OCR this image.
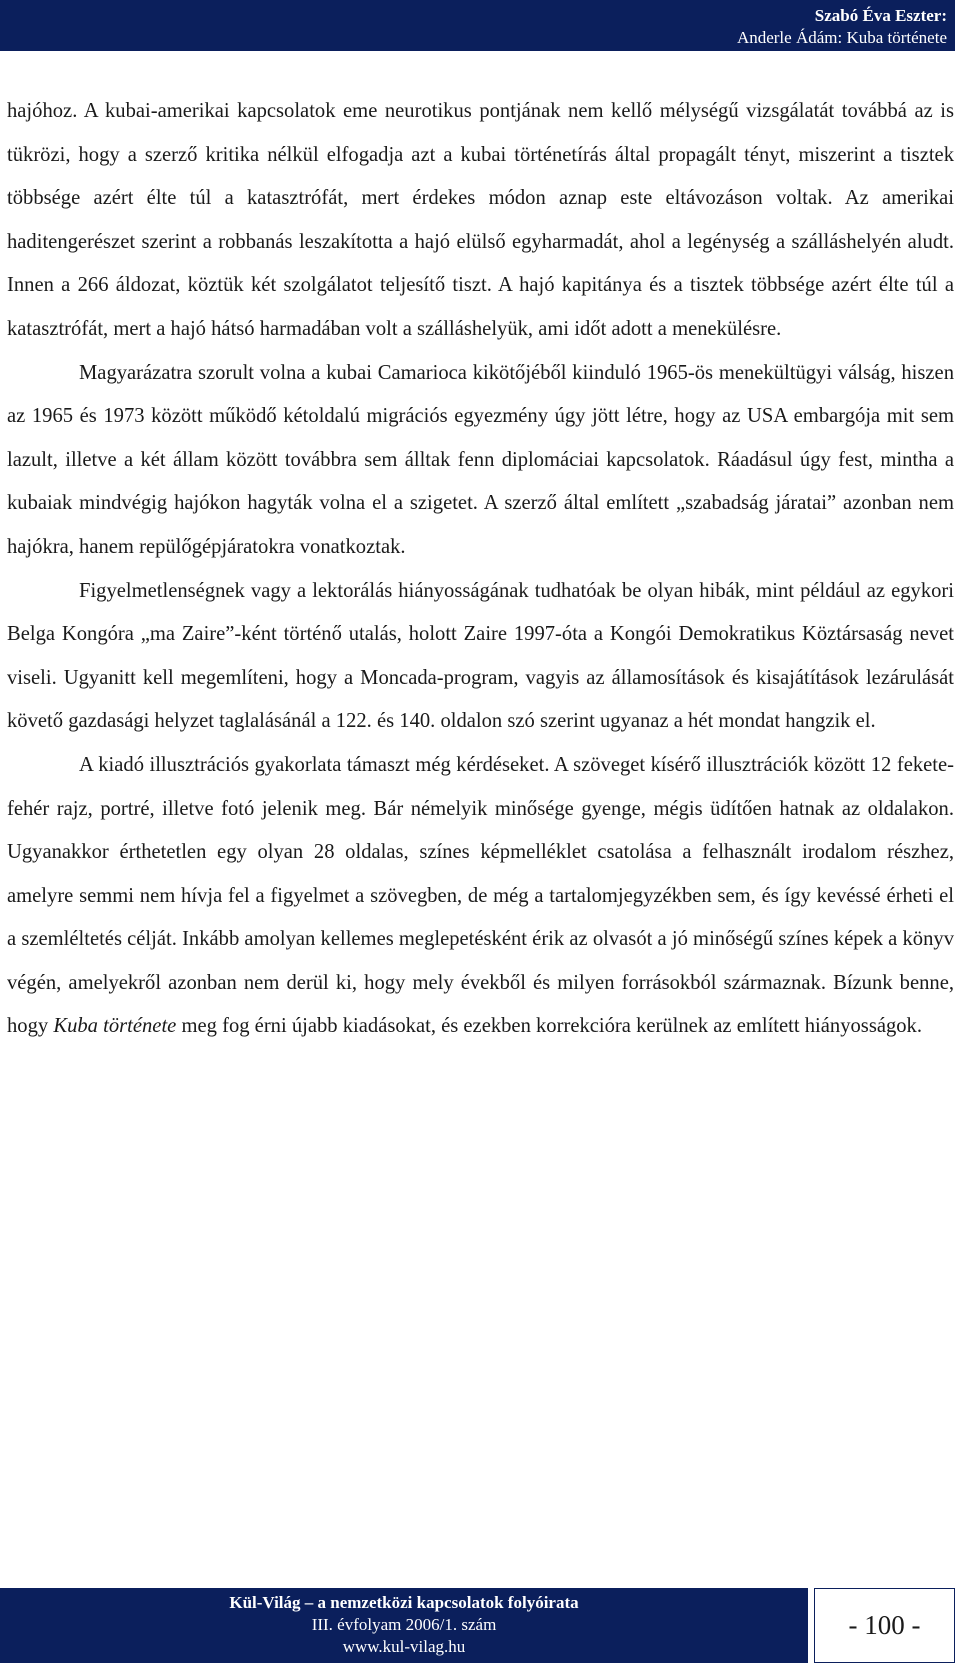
Szabó Éva Eszter:
Anderle Ádám: Kuba története

hajóhoz. A kubai-amerikai kapcsolatok eme neurotikus pontjának nem kellő mélységű vizsgálatát továbbá az is tükrözi, hogy a szerző kritika nélkül elfogadja azt a kubai történetírás által propagált tényt, miszerint a tisztek többsége azért élte túl a katasztrófát, mert érdekes módon aznap este eltávozáson voltak. Az amerikai haditengerészet szerint a robbanás leszakította a hajó elülső egyharmadát, ahol a legénység a szálláshelyén aludt. Innen a 266 áldozat, köztük két szolgálatot teljesítő tiszt. A hajó kapitánya és a tisztek többsége azért élte túl a katasztrófát, mert a hajó hátsó harmadában volt a szálláshelyük, ami időt adott a menekülésre.

Magyarázatra szorult volna a kubai Camarioca kikötőjéből kiinduló 1965-ös menekültügyi válság, hiszen az 1965 és 1973 között működő kétoldalú migrációs egyezmény úgy jött létre, hogy az USA embargója mit sem lazult, illetve a két állam között továbbra sem álltak fenn diplomáciai kapcsolatok. Ráadásul úgy fest, mintha a kubaiak mindvégig hajókon hagyták volna el a szigetet. A szerző által említett „szabadság járatai” azonban nem hajókra, hanem repülőgépjáratokra vonatkoztak.

Figyelmetlenségnek vagy a lektorálás hiányosságának tudhatóak be olyan hibák, mint például az egykori Belga Kongóra „ma Zaire”-ként történő utalás, holott Zaire 1997-óta a Kongói Demokratikus Köztársaság nevet viseli. Ugyanitt kell megemlíteni, hogy a Moncada-program, vagyis az államosítások és kisajátítások lezárulását követő gazdasági helyzet taglalásánál a 122. és 140. oldalon szó szerint ugyanaz a hét mondat hangzik el.

A kiadó illusztrációs gyakorlata támaszt még kérdéseket. A szöveget kísérő illusztrációk között 12 fekete-fehér rajz, portré, illetve fotó jelenik meg. Bár némelyik minősége gyenge, mégis üdítően hatnak az oldalakon. Ugyanakkor érthetetlen egy olyan 28 oldalas, színes képmelléklet csatolása a felhasznált irodalom részhez, amelyre semmi nem hívja fel a figyelmet a szövegben, de még a tartalomjegyzékben sem, és így kevéssé érheti el a szemléltetés célját. Inkább amolyan kellemes meglepetésként érik az olvasót a jó minőségű színes képek a könyv végén, amelyekről azonban nem derül ki, hogy mely évekből és milyen forrásokból származnak. Bízunk benne, hogy Kuba története meg fog érni újabb kiadásokat, és ezekben korrekcióra kerülnek az említett hiányosságok.

Kül-Világ – a nemzetközi kapcsolatok folyóirata
III. évfolyam 2006/1. szám
www.kul-vilag.hu
- 100 -
